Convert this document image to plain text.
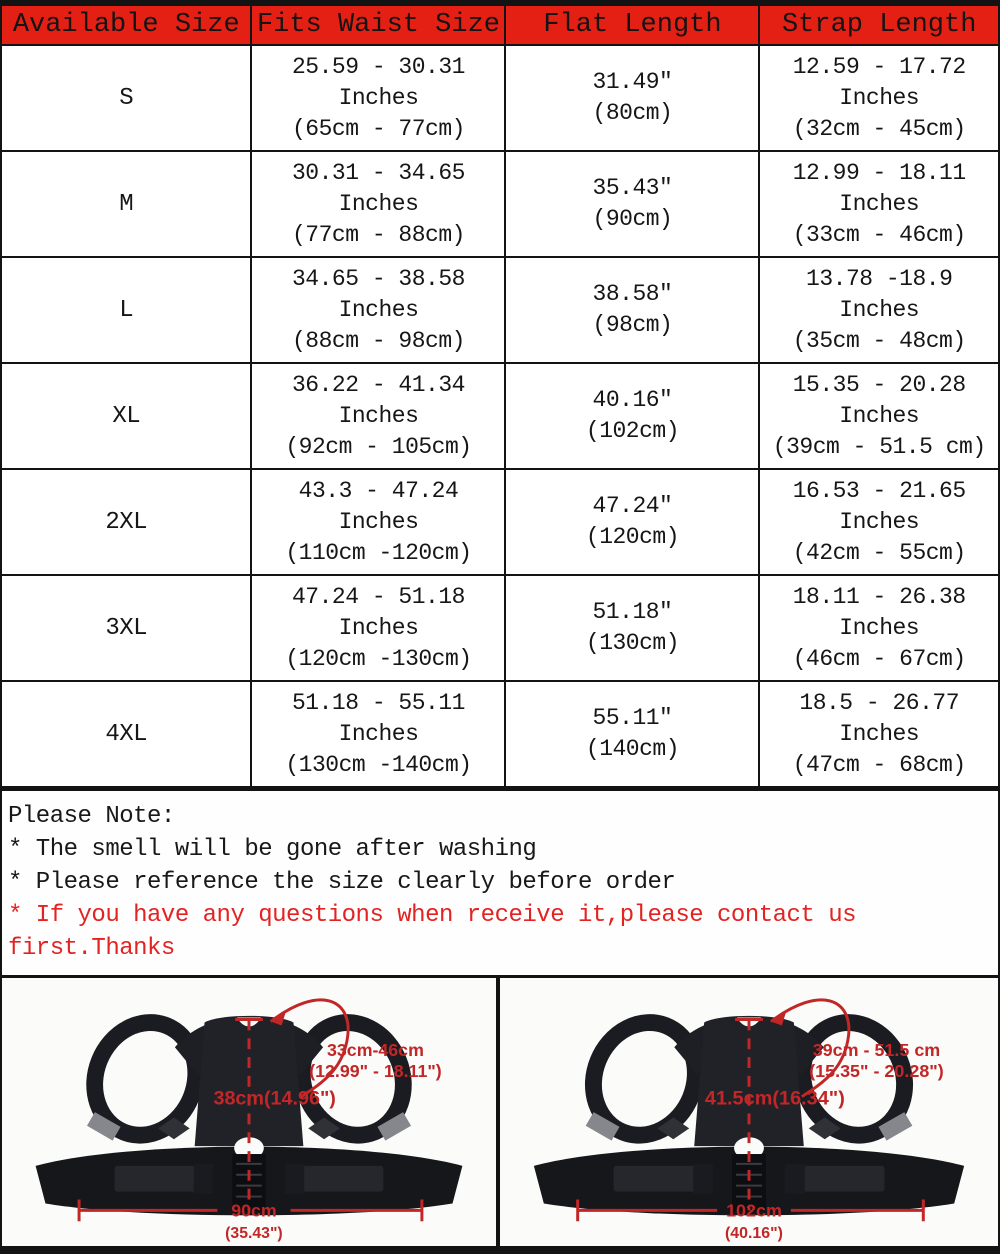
Available Size Fits Waist Size	Flat Length	Strap Length
S
25.59 - 30.31
Inches
(65cm - 77cm)
31.49″
(80cm)
12.59 - 17.72
Inches
(32cm - 45cm)
M
30.31 - 34.65
Inches
(77cm - 88cm)
35.43″
(90cm)
12.99 - 18.11
Inches
(33cm - 46cm)
L
34.65 - 38.58
Inches
(88cm - 98cm)
38.58″
(98cm)
13.78 -18.9 Inches
(35cm - 48cm)
XL
36.22 - 41.34
Inches
(92cm - 105cm)
40.16″
(102cm)
15.35 - 20.28
Inches
(39cm - 51.5 cm)
2XL
43.3 - 47.24
Inches
(110cm -120cm)
47.24″
(120cm)
16.53 - 21.65
Inches
(42cm - 55cm)
3XL
47.24 - 51.18
Inches
(120cm -130cm)
51.18″
(130cm)
18.11 - 26.38
Inches
(46cm - 67cm)
4XL
51.18 - 55.11
Inches
(130cm -140cm)
55.11″
(140cm)
18.5 - 26.77
Inches
(47cm - 68cm)
Please Note:
* The smell will be gone after washing
* Please reference the size clearly before order
* If you have any questions when receive it,please contact us first.Thanks
33cm-46cm
(12.99" - 18.11")
38cm(14.96")
90cm
(35.43")
39cm - 51.5 cm
(15.35" - 20.28")
41.5cm(16.34")
102cm
(40.16")
